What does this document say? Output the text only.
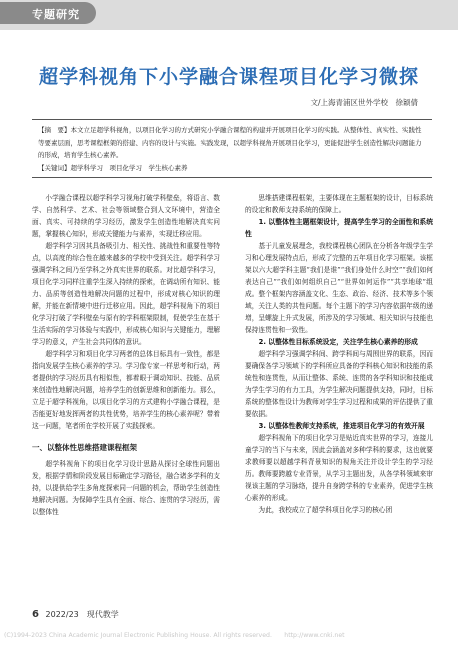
专题研究
超学科视角下小学融合课程项目化学习微探
文/上海青浦区世外学校　徐颖倩
【摘　要】本文立足超学科视角，以项目化学习的方式研究小学融合课程的构建并开展项目化学习的实践。从整体性、真实性、实践性等要素层面，思考课程框架的搭建、内容的设计与实施。实践发现，以超学科视角开展项目化学习，更能促进学生创造性解决问题能力的形成，培育学生核心素养。
【关键词】超学科学习　项目化学习　学生核心素养

小学融合课程以超学科学习视角打破学科壁垒，将语言、数学、自然科学、艺术、社会等领域整合到人文环境中，营造全面、真实、可持续的学习经历，激发学生创造性地解决真实问题，掌握核心知识，形成关键能力与素养，实现迁移应用。

超学科学习因其具备吸引力、相关性、挑战性和重要性等特点，以高度的综合性在越来越多的学校中受到关注。超学科学习强调学科之间乃至学科之外真实世界的联系。对比超学科学习，项目化学习同样注重学生深入持续的探索，在调动所有知识、能力、品质等创造性地解决问题的过程中，形成对核心知识的理解，并能在新情境中进行迁移应用。因此，超学科视角下的项目化学习打破了学科壁垒与原有的学科框架限制，促使学生在基于生活实际的学习体验与实践中，形成核心知识与关键能力，理解学习的意义，产生社会共同体的意识。

超学科学习和项目化学习两者的总体目标具有一致性，都是指向发展学生核心素养的学习。学习像专家一样思考和行动，两者提供的学习经历具有相似性，都着眼于调动知识、技能、品质来创造性地解决问题，培养学生的创新思维和创新能力。那么，立足于超学科视角，以项目化学习的方式建构小学融合课程，是否能更好地发挥两者的共性优势，培养学生的核心素养呢？带着这一问题，笔者所在学校开展了实践探索。

一、以整体性思维搭建课程框架

超学科视角下的项目化学习设计思路从探讨全球性问题出发，根据学情和阶段发展目标确定学习路径，融合诸多学科的支持，以提供给学生多角度探索同一问题的机会，帮助学生创造性地解决问题。为保障学生具有全面、综合、连贯的学习经历，需以整体性

思维搭建课程框架，主要体现在主题框架的设计，目标系统的设定和教师支持系统的保障上。

1. 以整体性主题框架设计，提高学生学习的全面性和系统性

基于儿童发展理念，我校课程核心团队在分析各年级学生学习和心理发展特点后，形成了完整的五年项目化学习框架。该框架以六大超学科主题“我们是谁”“我们身处什么时空”“我们如何表达自己”“我们如何组织自己”“世界如何运作”“共享地球”组成。整个框架内容涵盖文化、生态、政治、经济、技术等多个领域，关注人类的共性问题。每个主题下的学习内容依据年级的递增，呈螺旋上升式发展，所涉及的学习领域、相关知识与技能也保持连贯性和一致性。

2. 以整体性目标系统设定，关注学生核心素养的形成

超学科学习强调学科间、跨学科间与周围世界的联系，因而要确保各学习领域下的学科所应具备的学科核心知识和技能的系统性和连贯性，从而让整体、系统、连贯的各学科知识和技能成为学生学习的有力工具，为学生解决问题提供支持，同时，目标系统的整体性设计为教师对学生学习过程和成果的评估提供了重要依据。

3. 以整体性教师支持系统，推进项目化学习的有效开展

超学科视角下的项目化学习是贴近真实世界的学习，连接儿童学习的当下与未来，因此会涵盖对多种学科的要求，这也就要求教师要以超越学科背景知识的视角关注并设计学生的学习经历。教师要跨越专业背景，从学习主题出发，从各学科领域来审视该主题的学习脉络，提升自身跨学科的专业素养，促进学生核心素养的形成。

为此，我校成立了超学科项目化学习的核心团

6 2022/23　现代教学
(C)1994-2023 China Academic Journal Electronic Publishing House. All rights reserved.　　http://www.cnki.net
